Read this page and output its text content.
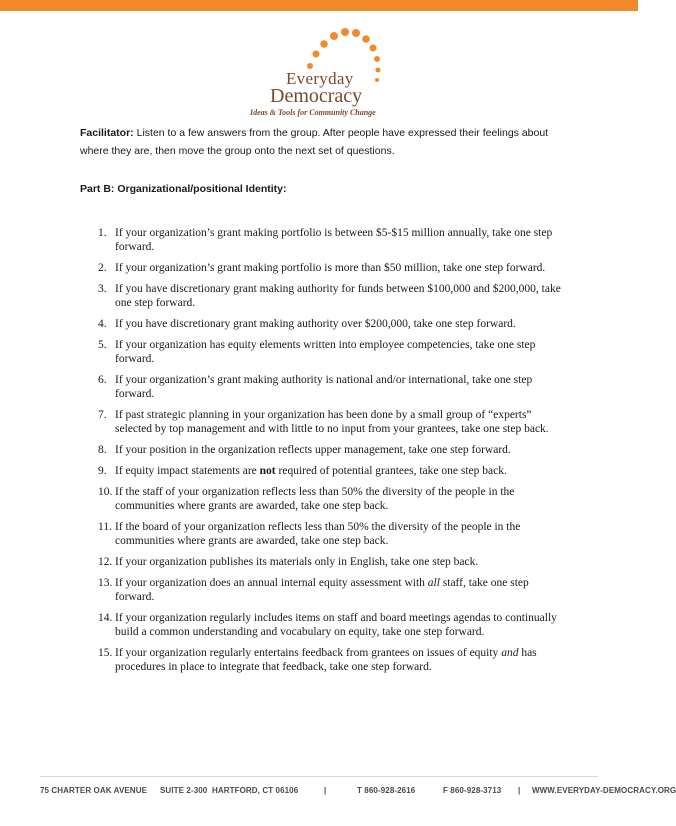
Everyday
Democracy
Ideas & Tools for Community Change
Facilitator: Listen to a few answers from the group. After people have expressed their feelings about where they are, then move the group onto the next set of questions.
Part B: Organizational/positional Identity:
1. If your organization’s grant making portfolio is between $5-$15 million annually, take one step forward.
2. If your organization’s grant making portfolio is more than $50 million, take one step forward.
3. If you have discretionary grant making authority for funds between $100,000 and $200,000, take one step forward.
4. If you have discretionary grant making authority over $200,000, take one step forward.
5. If your organization has equity elements written into employee competencies, take one step forward.
6. If your organization’s grant making authority is national and/or international, take one step forward.
7. If past strategic planning in your organization has been done by a small group of “experts” selected by top management and with little to no input from your grantees, take one step back.
8. If your position in the organization reflects upper management, take one step forward.
9. If equity impact statements are not required of potential grantees, take one step back.
10. If the staff of your organization reflects less than 50% the diversity of the people in the communities where grants are awarded, take one step back.
11. If the board of your organization reflects less than 50% the diversity of the people in the communities where grants are awarded, take one step back.
12. If your organization publishes its materials only in English, take one step back.
13. If your organization does an annual internal equity assessment with all staff, take one step forward.
14. If your organization regularly includes items on staff and board meetings agendas to continually build a common understanding and vocabulary on equity, take one step forward.
15. If your organization regularly entertains feedback from grantees on issues of equity and has procedures in place to integrate that feedback, take one step forward.
75 CHARTER OAK AVENUE SUITE 2-300 HARTFORD, CT 06106	|	T 860-928-2616	F 860-928-3713 | WWW.EVERYDAY-DEMOCRACY.ORG
